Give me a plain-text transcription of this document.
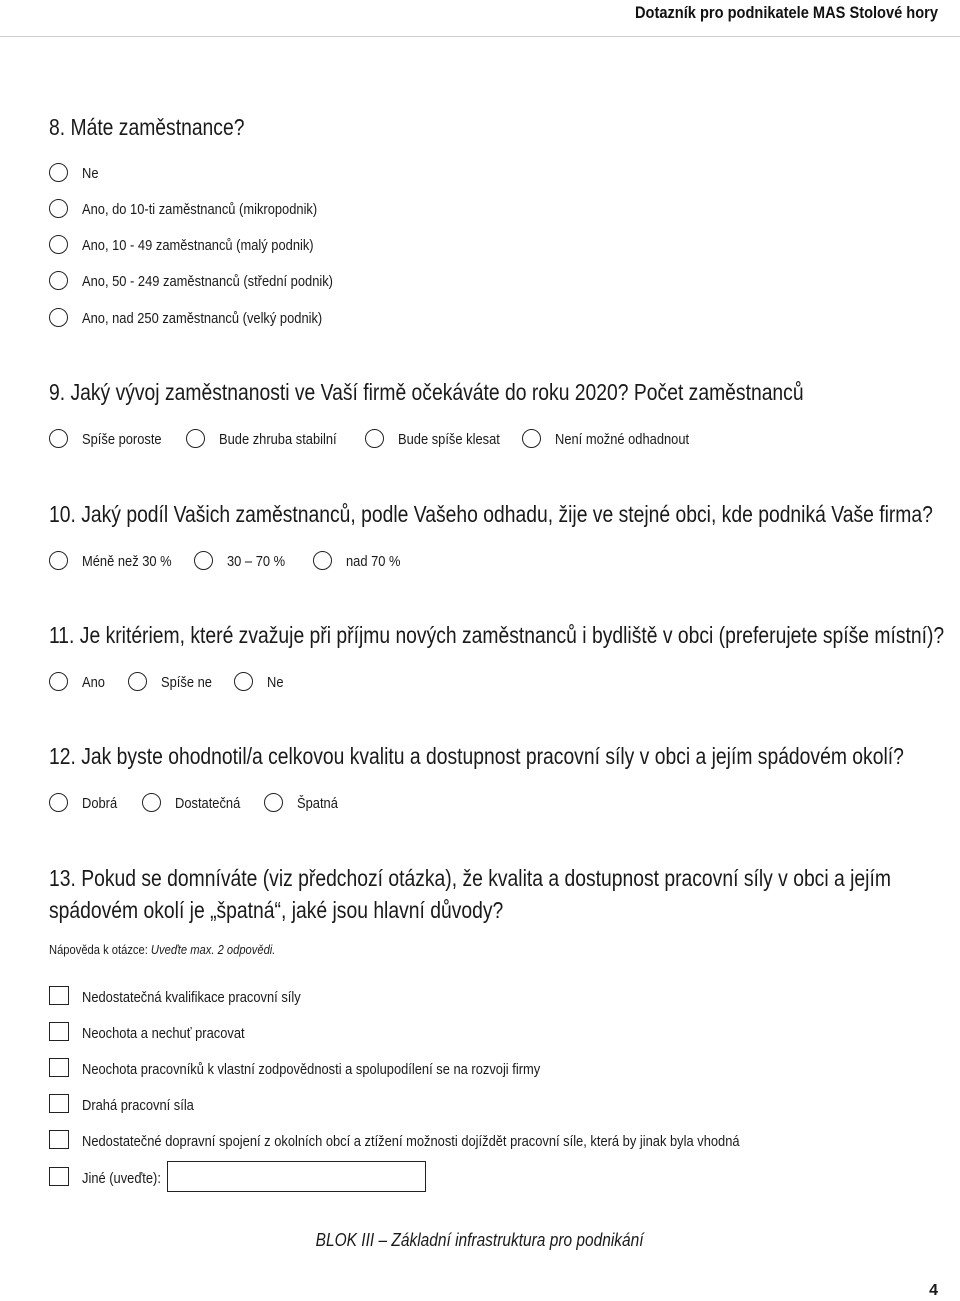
Dotazník pro podnikatele MAS Stolové hory
8. Máte zaměstnance?
Ne
Ano, do 10-ti zaměstnanců (mikropodnik)
Ano, 10 - 49 zaměstnanců (malý podnik)
Ano, 50 - 249 zaměstnanců (střední podnik)
Ano, nad 250 zaměstnanců (velký podnik)
9. Jaký vývoj zaměstnanosti ve Vaší firmě očekáváte do roku 2020? Počet zaměstnanců
Spíše poroste	Bude zhruba stabilní	Bude spíše klesat	Není možné odhadnout
10. Jaký podíl Vašich zaměstnanců, podle Vašeho odhadu, žije ve stejné obci, kde podniká Vaše firma?
Méně než 30 %	30 – 70 %	nad 70 %
11. Je kritériem, které zvažuje při příjmu nových zaměstnanců i bydliště v obci (preferujete spíše místní)?
Ano	Spíše ne	Ne
12. Jak byste ohodnotil/a celkovou kvalitu a dostupnost pracovní síly v obci a jejím spádovém okolí?
Dobrá	Dostatečná	Špatná
13. Pokud se domníváte (viz předchozí otázka), že kvalita a dostupnost pracovní síly v obci a jejím
spádovém okolí je „špatná“, jaké jsou hlavní důvody?
Nápověda k otázce: Uveďte max. 2 odpovědi.
Nedostatečná kvalifikace pracovní síly
Neochota a nechuť pracovat
Neochota pracovníků k vlastní zodpovědnosti a spolupodílení se na rozvoji firmy
Drahá pracovní síla
Nedostatečné dopravní spojení z okolních obcí a ztížení možnosti dojíždět pracovní síle, která by jinak byla vhodná
Jiné (uveďte):
BLOK III – Základní infrastruktura pro podnikání
4
